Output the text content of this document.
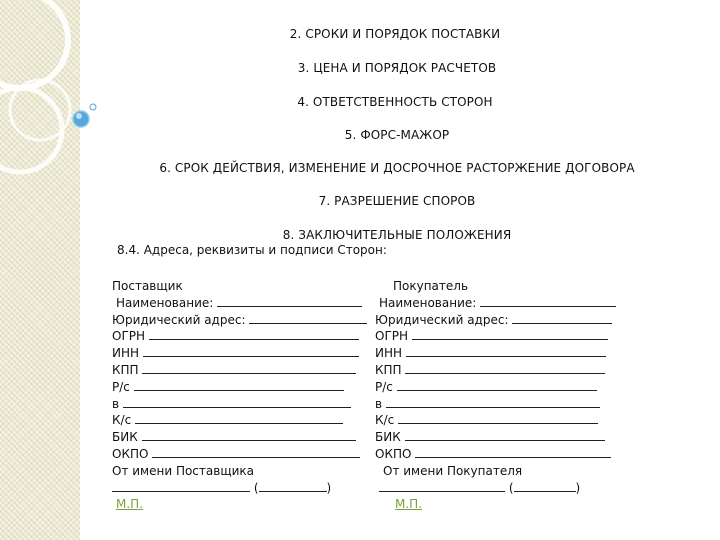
2. СРОКИ И ПОРЯДОК ПОСТАВКИ
3. ЦЕНА И ПОРЯДОК РАСЧЕТОВ
4. ОТВЕТСТВЕННОСТЬ СТОРОН
5. ФОРС-МАЖОР
6. СРОК ДЕЙСТВИЯ, ИЗМЕНЕНИЕ И ДОСРОЧНОЕ РАСТОРЖЕНИЕ ДОГОВОРА
7. РАЗРЕШЕНИЕ СПОРОВ
8. ЗАКЛЮЧИТЕЛЬНЫЕ ПОЛОЖЕНИЯ
8.4. Адреса, реквизиты и подписи Сторон:
Поставщик
Наименование:
Юридический адрес:
ОГРН
ИНН
КПП
Р/с
в
К/с
БИК
ОКПО
От имени Поставщика
(	)
М.П.
Покупатель
Наименование:
Юридический адрес:
ОГРН
ИНН
КПП
Р/с
в
К/с
БИК
ОКПО
От имени Покупателя
(	)
М.П.
